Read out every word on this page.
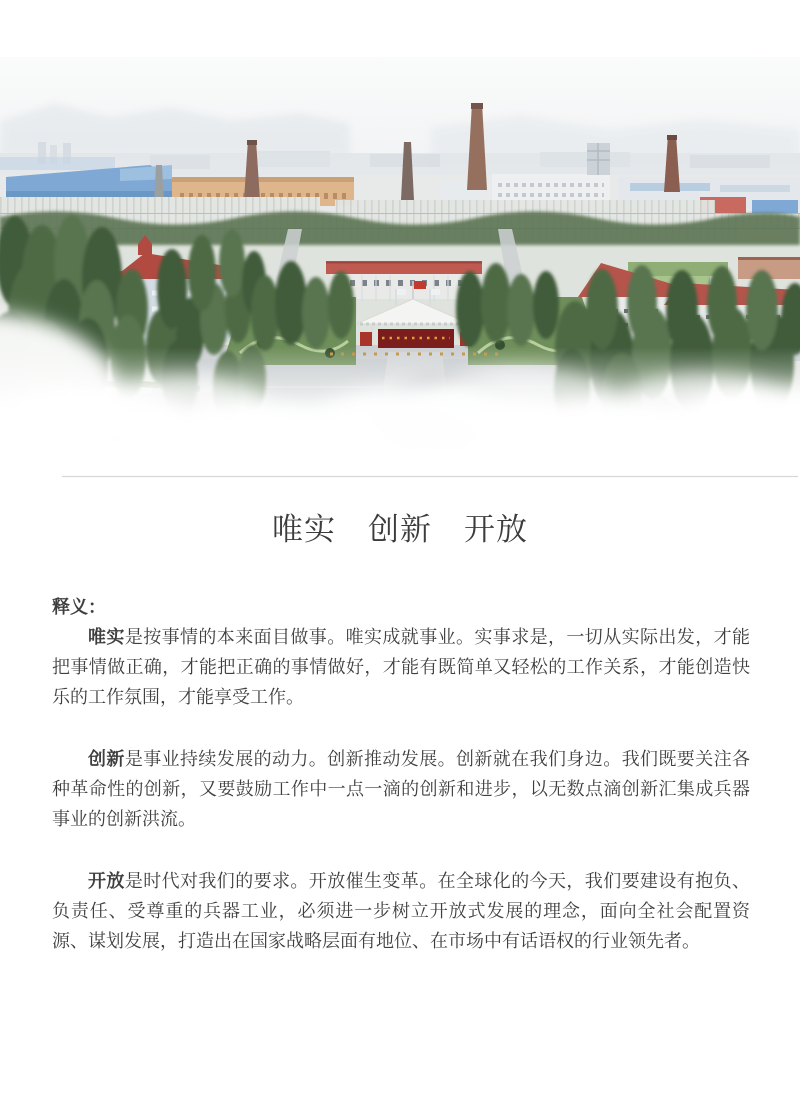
唯实　创新　开放

释义：

唯实是按事情的本来面目做事。唯实成就事业。实事求是，一切从实际出发，才能把事情做正确，才能把正确的事情做好，才能有既简单又轻松的工作关系，才能创造快乐的工作氛围，才能享受工作。

创新是事业持续发展的动力。创新推动发展。创新就在我们身边。我们既要关注各种革命性的创新，又要鼓励工作中一点一滴的创新和进步，以无数点滴创新汇集成兵器事业的创新洪流。

开放是时代对我们的要求。开放催生变革。在全球化的今天，我们要建设有抱负、负责任、受尊重的兵器工业，必须进一步树立开放式发展的理念，面向全社会配置资源、谋划发展，打造出在国家战略层面有地位、在市场中有话语权的行业领先者。
